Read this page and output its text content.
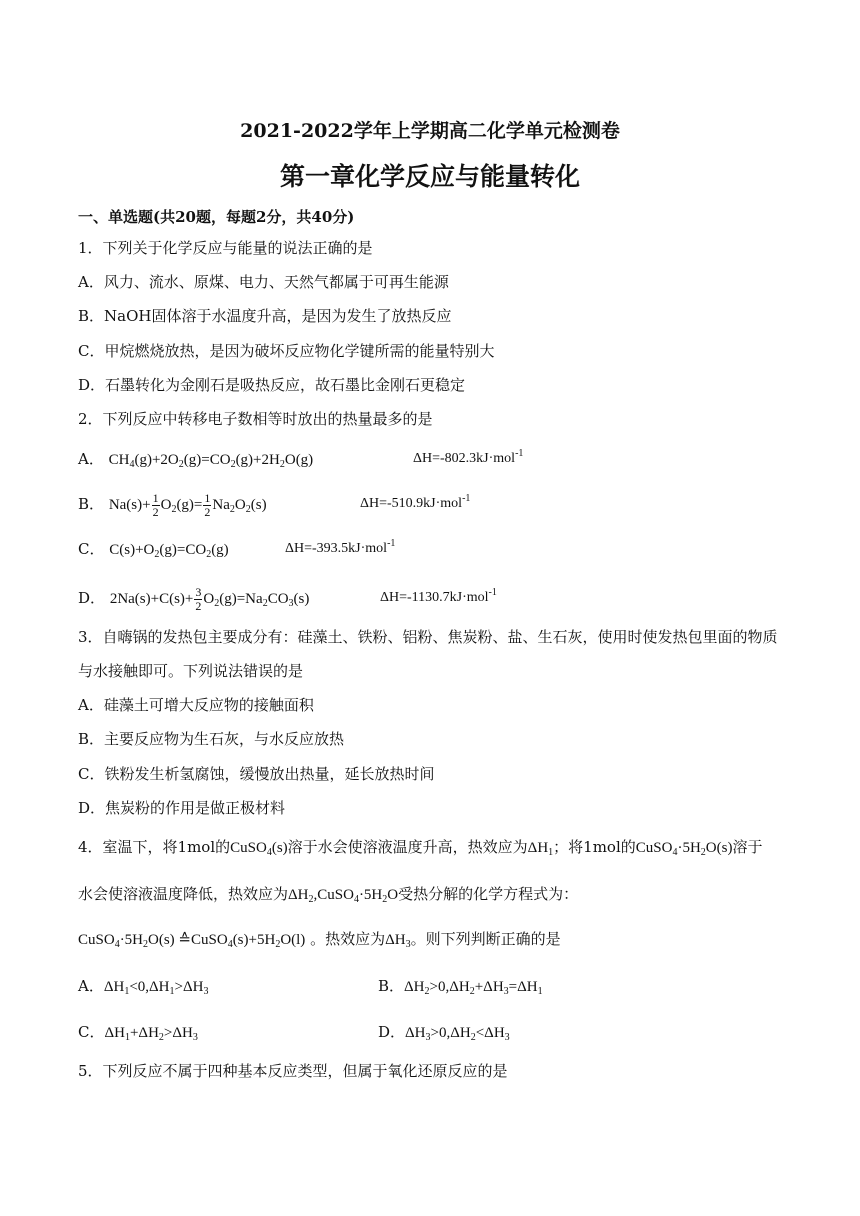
2021-2022学年上学期高二化学单元检测卷
第一章化学反应与能量转化
一、单选题(共20题，每题2分，共40分)
1．下列关于化学反应与能量的说法正确的是
A．风力、流水、原煤、电力、天然气都属于可再生能源
B．NaOH固体溶于水温度升高，是因为发生了放热反应
C．甲烷燃烧放热，是因为破坏反应物化学键所需的能量特别大
D．石墨转化为金刚石是吸热反应，故石墨比金刚石更稳定
2．下列反应中转移电子数相等时放出的热量最多的是
A． $CH_4(g)+2O_2(g)=CO_2(g)+2H_2O(g)$	ΔH=-802.3kJ·mol$^{-1}$
B． $Na(s)+ \frac{1}{2} O_2(g)= \frac{1}{2} Na_2O_2(s)$	ΔH=-510.9kJ·mol$^{-1}$
C． $C(s)+O_2(g)=CO_2(g)$	ΔH=-393.5kJ·mol$^{-1}$
D． $2Na(s)+C(s)+ \frac{3}{2} O_2(g)=Na_2CO_3(s)$	ΔH=-1130.7kJ·mol$^{-1}$
3．自嗨锅的发热包主要成分有：硅藻土、铁粉、铝粉、焦炭粉、盐、生石灰，使用时使发热包里面的物质
与水接触即可。下列说法错误的是
A．硅藻土可增大反应物的接触面积
B．主要反应物为生石灰，与水反应放热
C．铁粉发生析氢腐蚀，缓慢放出热量，延长放热时间
D．焦炭粉的作用是做正极材料
4．室温下，将1mol的CuSO$_4$(s)溶于水会使溶液温度升高，热效应为$\Delta H_1$；将1mol的$CuSO_4\cdot 5H_2O(s)$溶于
水会使溶液温度降低，热效应为$\Delta H_2,CuSO_4\cdot 5H_2O$受热分解的化学方程式为：
$CuSO_4\cdot 5H_2O(s)$ $≙CuSO_4(s)+5H_2O(l)$ 。热效应为$\Delta H_3$。则下列判断正确的是
A．$\Delta H_1<0,\Delta H_1>\Delta H_3$	B．$\Delta H_2>0,\Delta H_2+\Delta H_3=\Delta H_1$
C．$\Delta H_1+\Delta H_2>\Delta H_3$	D．$\Delta H_3>0,\Delta H_2<\Delta H_3$
5．下列反应不属于四种基本反应类型，但属于氧化还原反应的是
